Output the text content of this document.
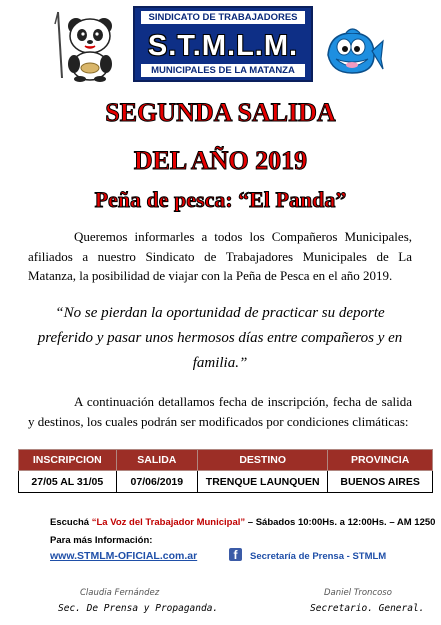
SINDICATO DE TRABAJADORES
S.T.M.L.M.
MUNICIPALES DE LA MATANZA
SEGUNDA SALIDA
DEL AÑO 2019
Peña de pesca: “El Panda”
Queremos informarles a todos los Compañeros Municipales, afiliados a nuestro Sindicato de Trabajadores Municipales de La Matanza, la posibilidad de viajar con la Peña de Pesca en el año 2019.
“No se pierdan la oportunidad de practicar su deporte preferido y pasar unos hermosos días entre compañeros y en familia.”
A continuación detallamos fecha de inscripción, fecha de salida y destinos, los cuales podrán ser modificados por condiciones climáticas:
INSCRIPCION	SALIDA	DESTINO	PROVINCIA
27/05 AL 31/05	07/06/2019	TRENQUE LAUNQUEN	BUENOS AIRES
Escuchá “La Voz del Trabajador Municipal” – Sábados 10:00Hs. a 12:00Hs. – AM 1250
Para más Información:
www.STMLM-OFICIAL.com.ar	f	Secretaría de Prensa - STMLM
Claudia Fernández
Sec. De Prensa y Propaganda.
Daniel Troncoso
Secretario. General.
